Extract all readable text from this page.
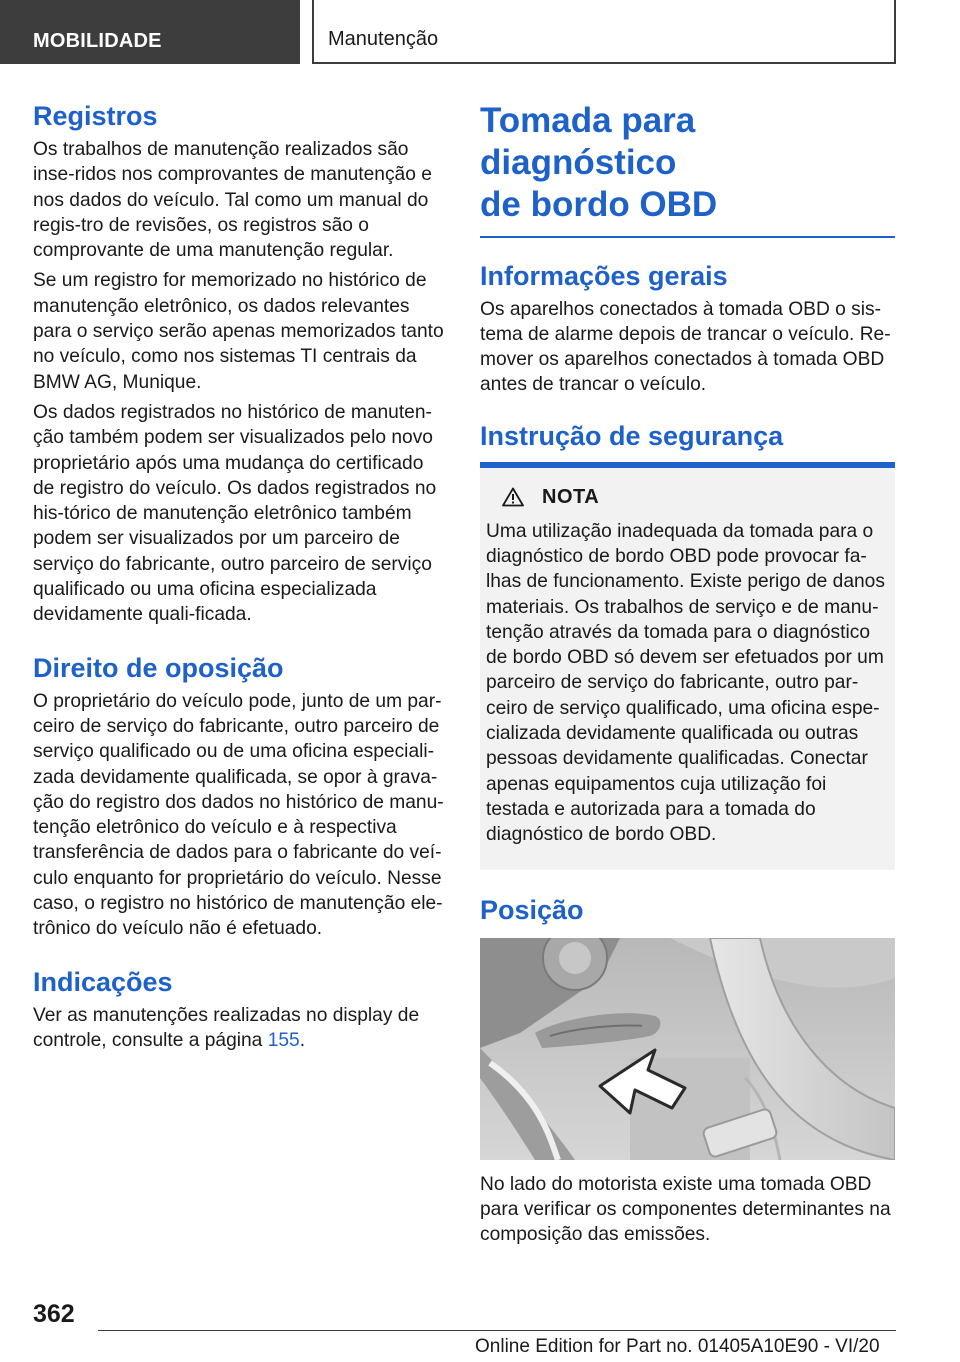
MOBILIDADE	Manutenção
Registros

Os trabalhos de manutenção realizados são inse-ridos nos comprovantes de manutenção e nos dados do veículo. Tal como um manual do regis-tro de revisões, os registros são o comprovante de uma manutenção regular.

Se um registro for memorizado no histórico de manutenção eletrônico, os dados relevantes para o serviço serão apenas memorizados tanto no veículo, como nos sistemas TI centrais da BMW AG, Munique.

Os dados registrados no histórico de manuten-ção também podem ser visualizados pelo novo proprietário após uma mudança do certificado de registro do veículo. Os dados registrados no his-tórico de manutenção eletrônico também podem ser visualizados por um parceiro de serviço do fabricante, outro parceiro de serviço qualificado ou uma oficina especializada devidamente quali-ficada.

Direito de oposição

O proprietário do veículo pode, junto de um par-ceiro de serviço do fabricante, outro parceiro de serviço qualificado ou de uma oficina especiali-zada devidamente qualificada, se opor à grava-ção do registro dos dados no histórico de manu-tenção eletrônico do veículo e à respectiva transferência de dados para o fabricante do veí-culo enquanto for proprietário do veículo. Nesse caso, o registro no histórico de manutenção ele-trônico do veículo não é efetuado.

Indicações

Ver as manutenções realizadas no display de controle, consulte a página 155.

Tomada para diagnóstico
de bordo OBD
Informações gerais

Os aparelhos conectados à tomada OBD o sis-tema de alarme depois de trancar o veículo. Re-mover os aparelhos conectados à tomada OBD antes de trancar o veículo.

Instrução de segurança
NOTA

Uma utilização inadequada da tomada para o diagnóstico de bordo OBD pode provocar fa-lhas de funcionamento. Existe perigo de danos materiais. Os trabalhos de serviço e de manu-tenção através da tomada para o diagnóstico de bordo OBD só devem ser efetuados por um parceiro de serviço do fabricante, outro par-ceiro de serviço qualificado, uma oficina espe-cializada devidamente qualificada ou outras pessoas devidamente qualificadas. Conectar apenas equipamentos cuja utilização foi testada e autorizada para a tomada do diagnóstico de bordo OBD.

Posição

No lado do motorista existe uma tomada OBD para verificar os componentes determinantes na composição das emissões.

362
Online Edition for Part no. 01405A10E90 - VI/20
